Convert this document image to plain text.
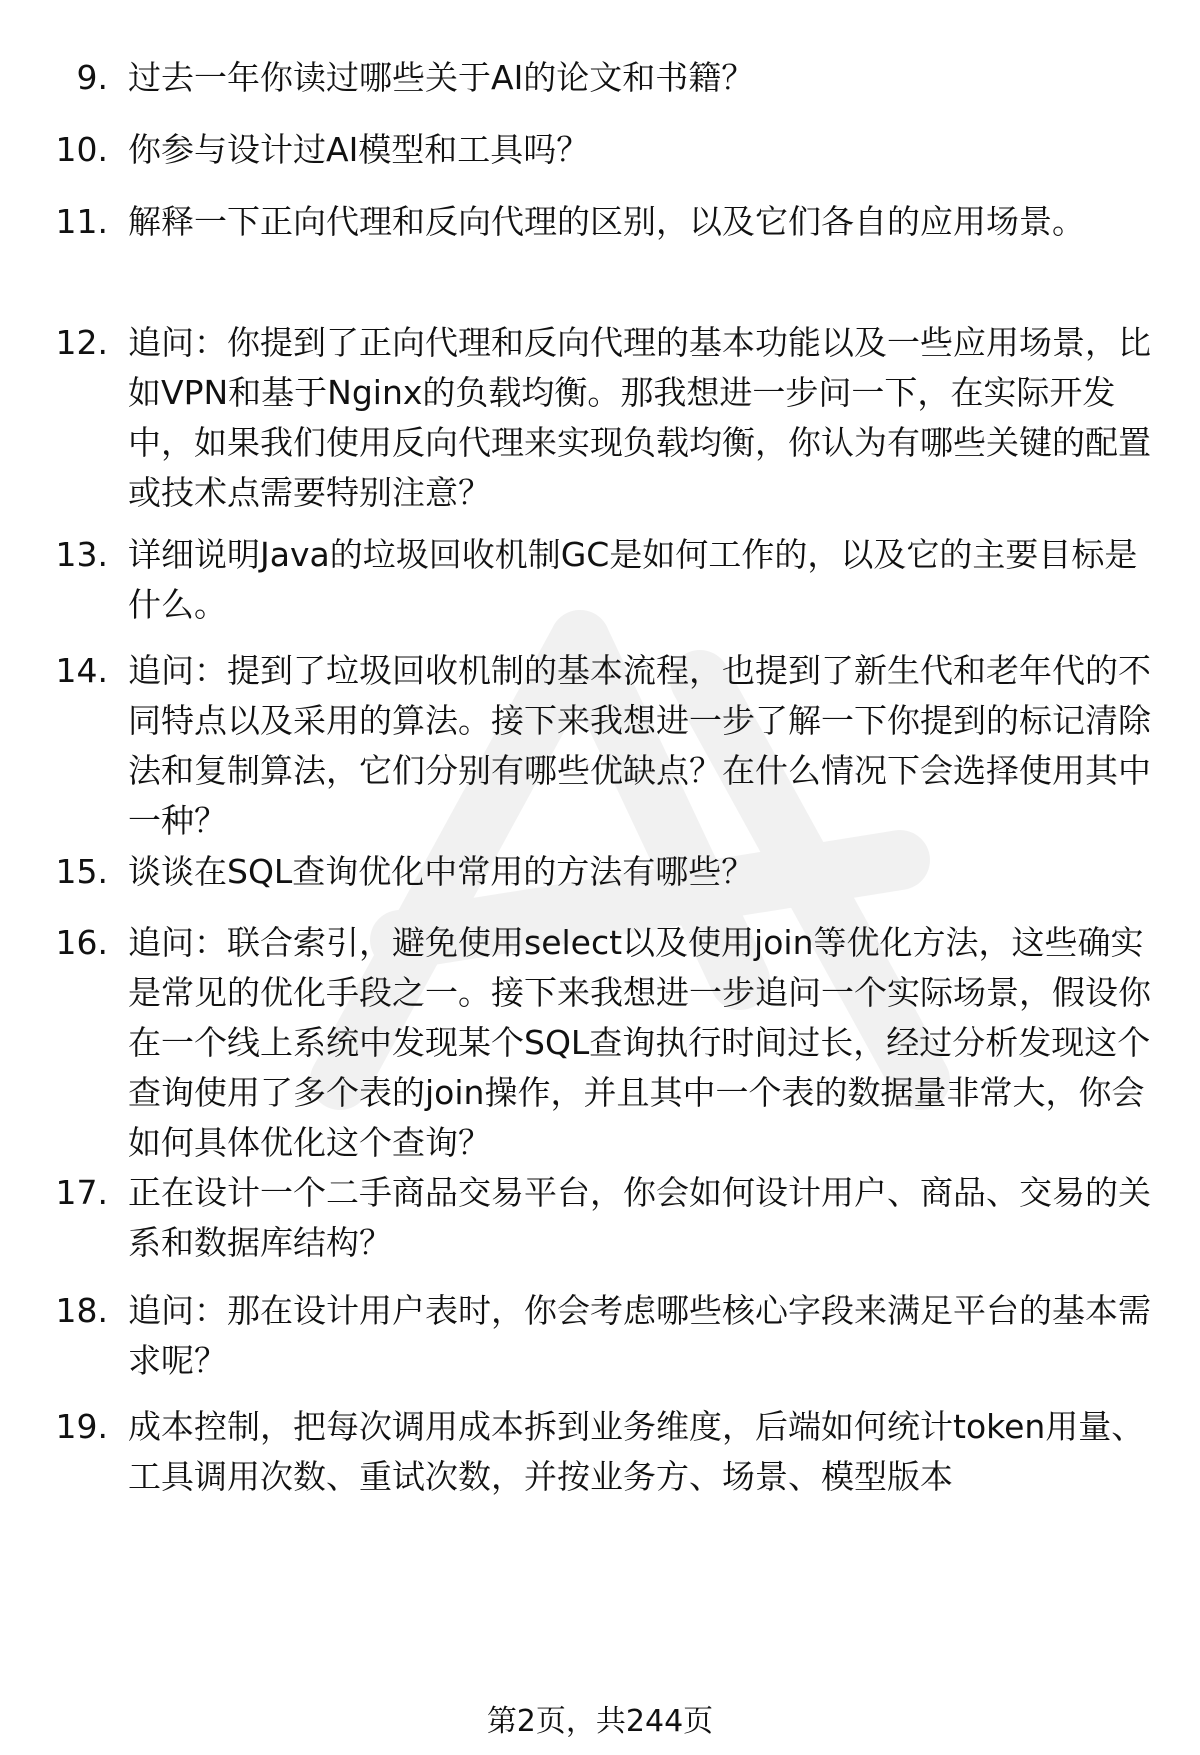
9. 过去一年你读过哪些关于AI的论文和书籍？
10. 你参与设计过AI模型和工具吗？
11. 解释一下正向代理和反向代理的区别，以及它们各自的应用场景。
12. 追问：你提到了正向代理和反向代理的基本功能以及一些应用场景，比如VPN和基于Nginx的负载均衡。那我想进一步问一下，在实际开发中，如果我们使用反向代理来实现负载均衡，你认为有哪些关键的配置或技术点需要特别注意？
13. 详细说明Java的垃圾回收机制GC是如何工作的，以及它的主要目标是什么。
14. 追问：提到了垃圾回收机制的基本流程，也提到了新生代和老年代的不同特点以及采用的算法。接下来我想进一步了解一下你提到的标记清除法和复制算法，它们分别有哪些优缺点？在什么情况下会选择使用其中一种？
15. 谈谈在SQL查询优化中常用的方法有哪些？
16. 追问：联合索引，避免使用select以及使用join等优化方法，这些确实是常见的优化手段之一。接下来我想进一步追问一个实际场景，假设你在一个线上系统中发现某个SQL查询执行时间过长，经过分析发现这个查询使用了多个表的join操作，并且其中一个表的数据量非常大，你会如何具体优化这个查询？
17. 正在设计一个二手商品交易平台，你会如何设计用户、商品、交易的关系和数据库结构？
18. 追问：那在设计用户表时，你会考虑哪些核心字段来满足平台的基本需求呢？
19. 成本控制，把每次调用成本拆到业务维度，后端如何统计token用量、工具调用次数、重试次数，并按业务方、场景、模型版本
第2页，共244页
